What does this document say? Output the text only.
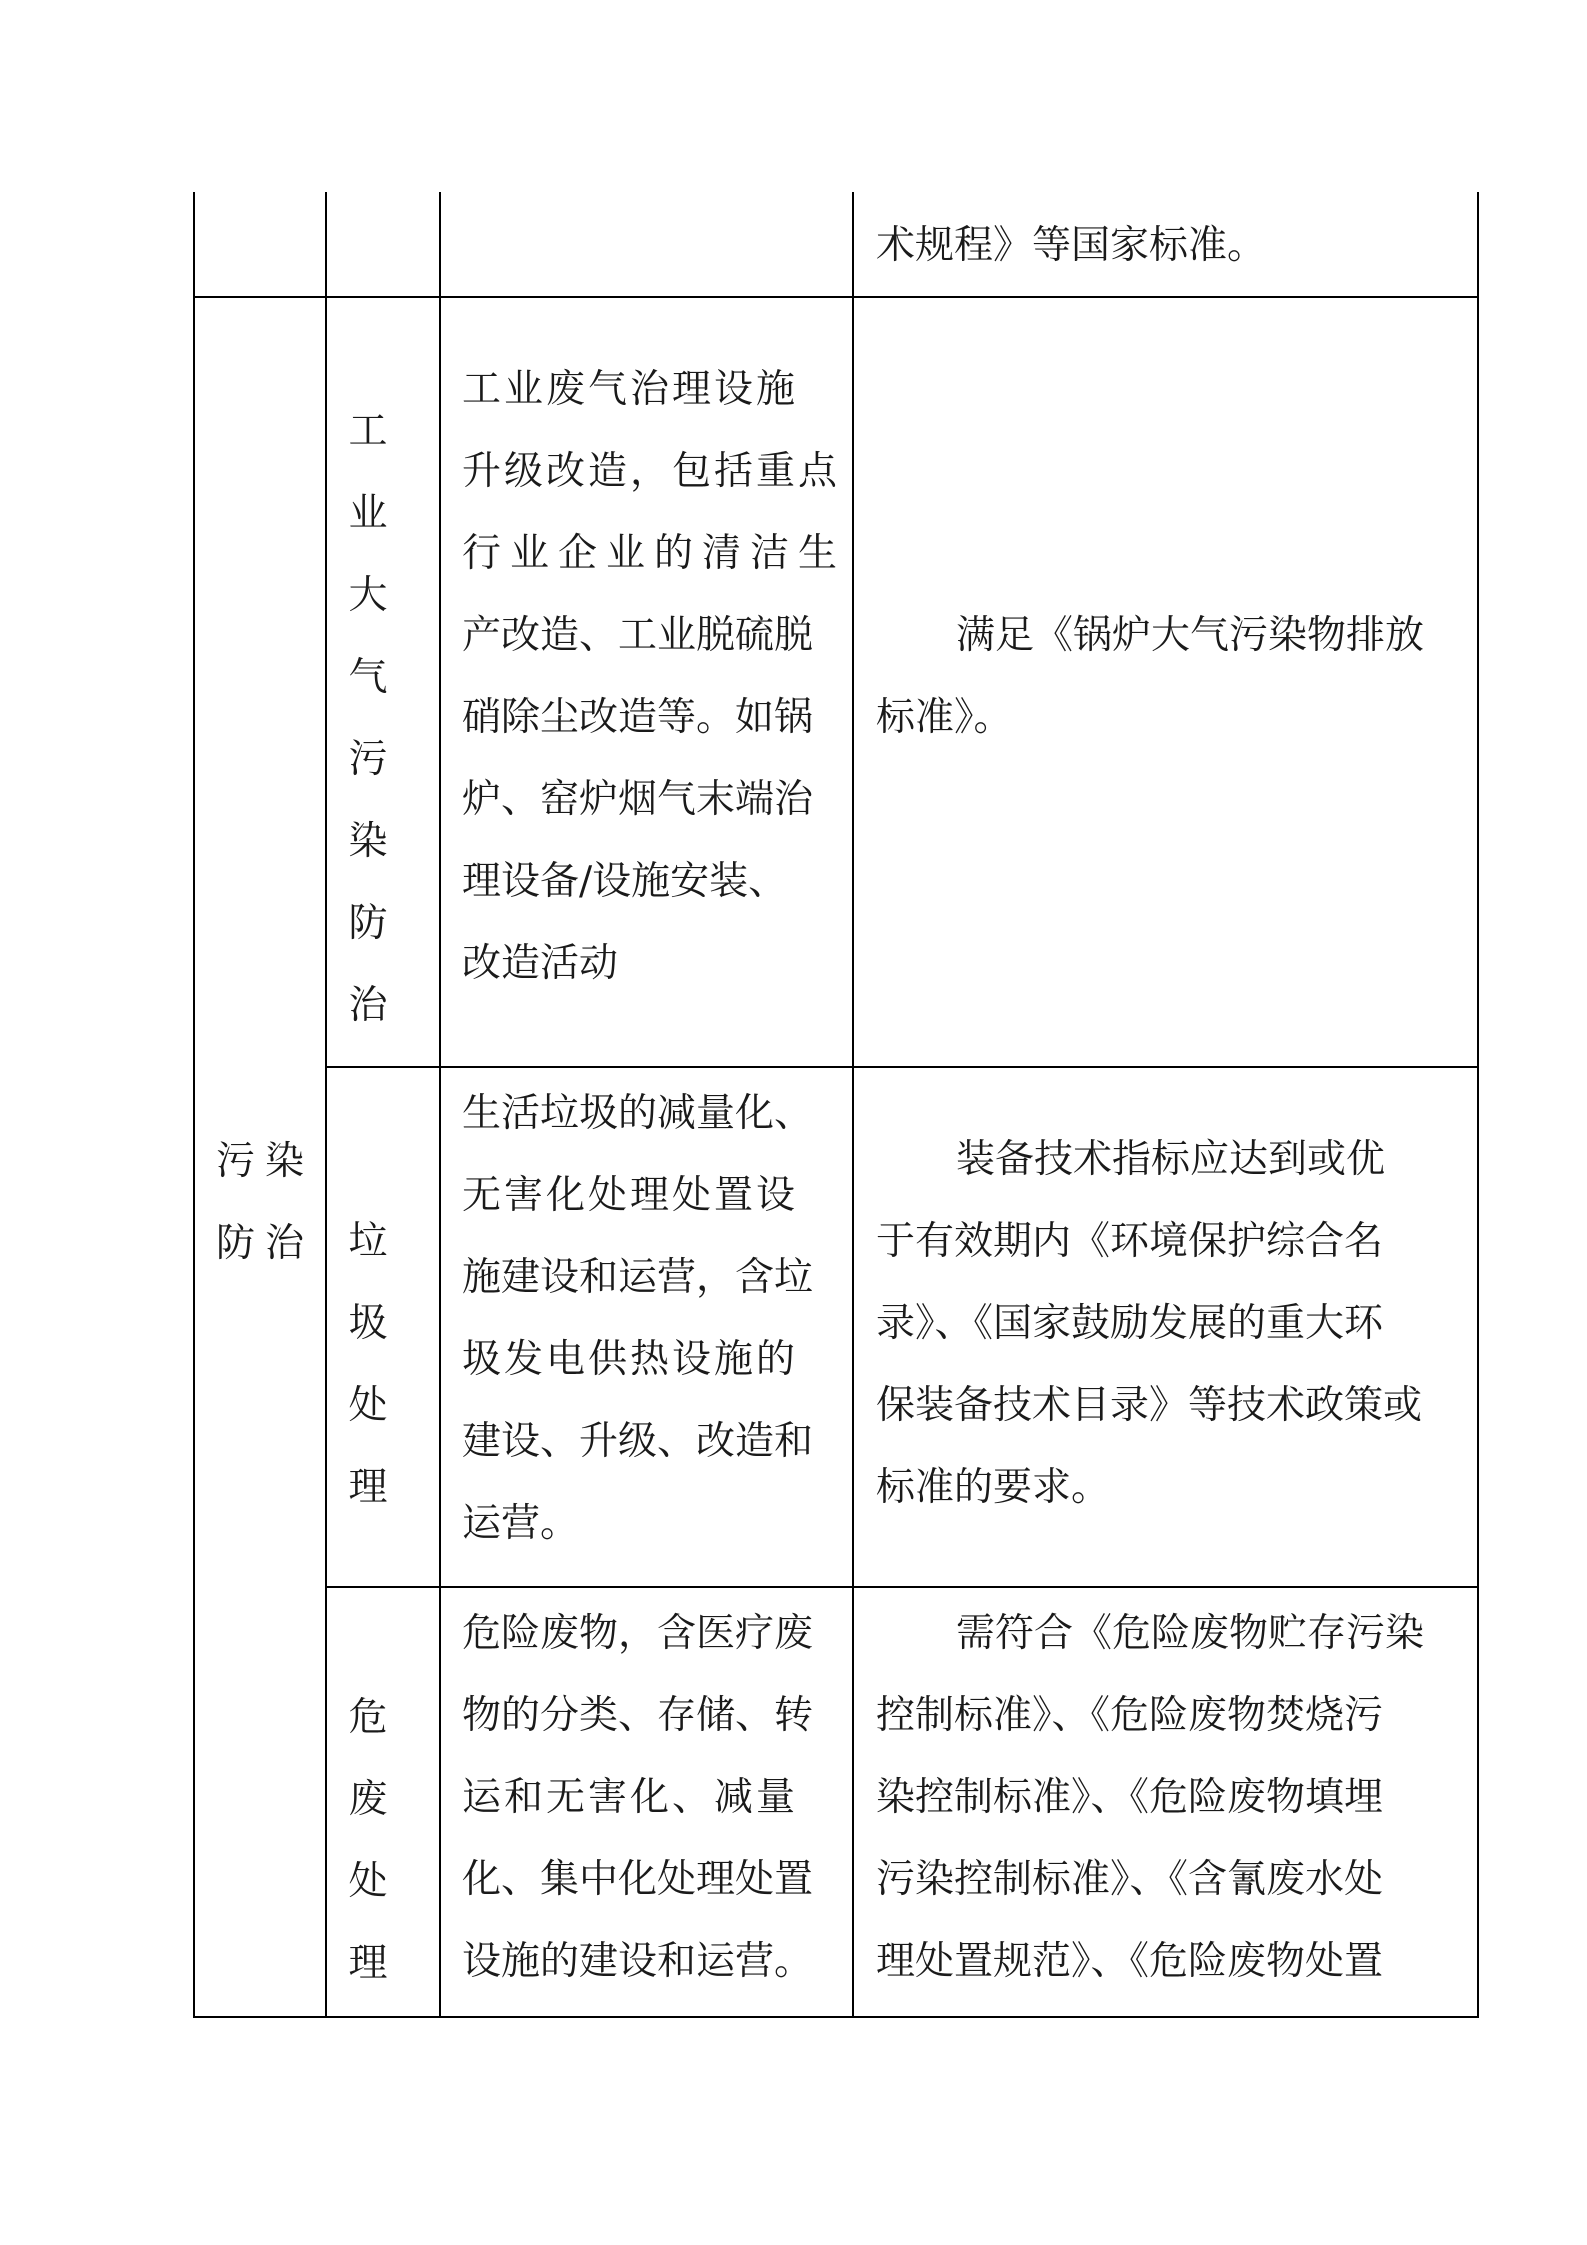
术规程》等国家标准。
污染
防治
工
业
大
气
污
染
防
治
工业废气治理设施
升级改造，包括重点
行业企业的清洁生
产改造、工业脱硫脱
硝除尘改造等。如锅
炉、窑炉烟气末端治
理设备/设施安装、
改造活动
满足《锅炉大气污染物排放
标准》。
垃
圾
处
理
生活垃圾的减量化、
无害化处理处置设
施建设和运营，含垃
圾发电供热设施的
建设、升级、改造和
运营。
装备技术指标应达到或优
于有效期内《环境保护综合名
录》、《国家鼓励发展的重大环
保装备技术目录》等技术政策或
标准的要求。
危
废
处
理
危险废物，含医疗废
物的分类、存储、转
运和无害化、减量
化、集中化处理处置
设施的建设和运营。
需符合《危险废物贮存污染
控制标准》、《危险废物焚烧污
染控制标准》、《危险废物填埋
污染控制标准》、《含氰废水处
理处置规范》、《危险废物处置
